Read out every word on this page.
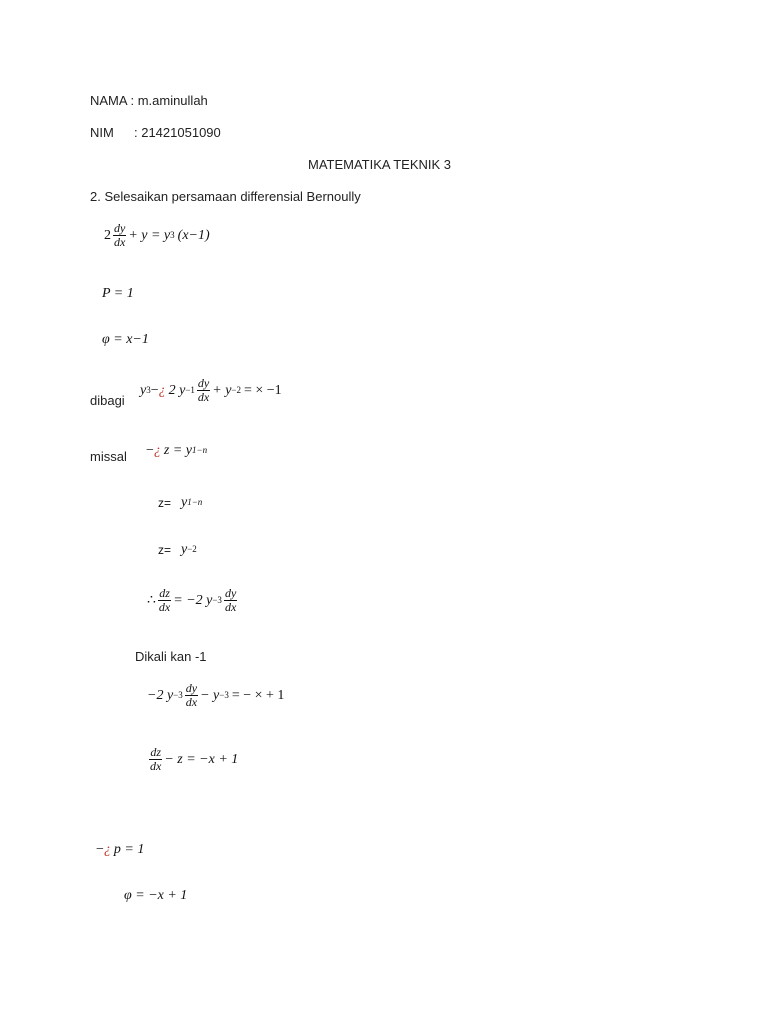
NAMA : m.aminullah
NIM : 21421051090
MATEMATIKA TEKNIK 3
2. Selesaikan persamaan differensial Bernoully
$2 \frac{dy}{dx} + y = y$ 3 (x−1)
P = 1
φ = x−1
dibagi
y 3 − ¿ 2 $y -1 \frac{dy}{dx} + y -2$ = × −1
missal − ¿ z = y 1−n
z= y 1−n
z= y −2
∴ $\frac{dz}{dx} = -2$ $y -3 \frac{dy}{dx}$
Dikali kan -1
−2 $y -3 \frac{dy}{dx} - y -3$ = − × + 1
$\frac{dz}{dx} - z = -x + 1$
− ¿ p = 1
φ = −x + 1
